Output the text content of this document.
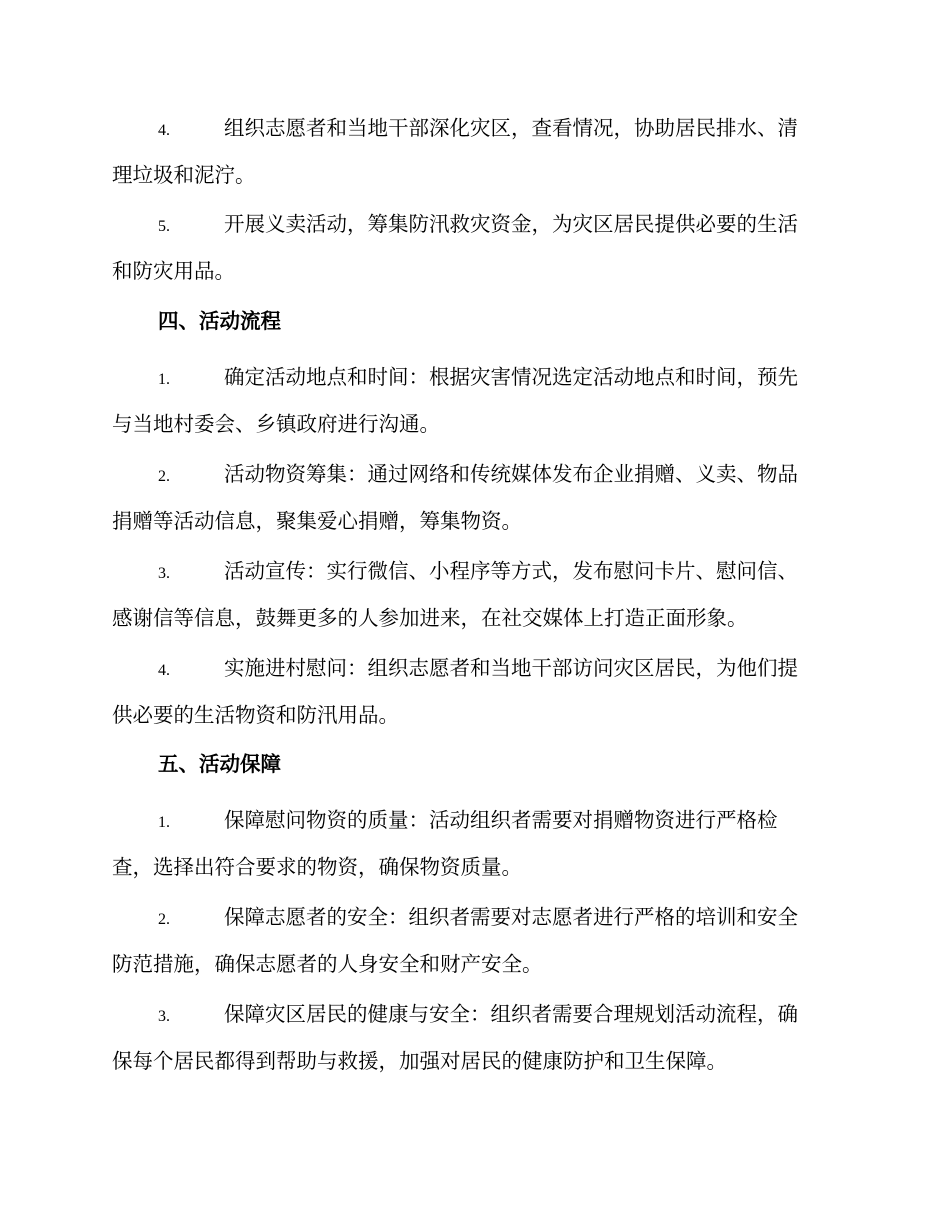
4.	组织志愿者和当地干部深化灾区，查看情况，协助居民排水、清
理垃圾和泥泞。
5.	开展义卖活动，筹集防汛救灾资金，为灾区居民提供必要的生活
和防灾用品。
四、活动流程
1.	确定活动地点和时间：根据灾害情况选定活动地点和时间，预先
与当地村委会、乡镇政府进行沟通。
2.	活动物资筹集：通过网络和传统媒体发布企业捐赠、义卖、物品
捐赠等活动信息，聚集爱心捐赠，筹集物资。
3.	活动宣传：实行微信、小程序等方式，发布慰问卡片、慰问信、
感谢信等信息，鼓舞更多的人参加进来，在社交媒体上打造正面形象。
4.	实施进村慰问：组织志愿者和当地干部访问灾区居民，为他们提
供必要的生活物资和防汛用品。
五、活动保障
1.	保障慰问物资的质量：活动组织者需要对捐赠物资进行严格检
查，选择出符合要求的物资，确保物资质量。
2.	保障志愿者的安全：组织者需要对志愿者进行严格的培训和安全
防范措施，确保志愿者的人身安全和财产安全。
3.	保障灾区居民的健康与安全：组织者需要合理规划活动流程，确
保每个居民都得到帮助与救援，加强对居民的健康防护和卫生保障。
